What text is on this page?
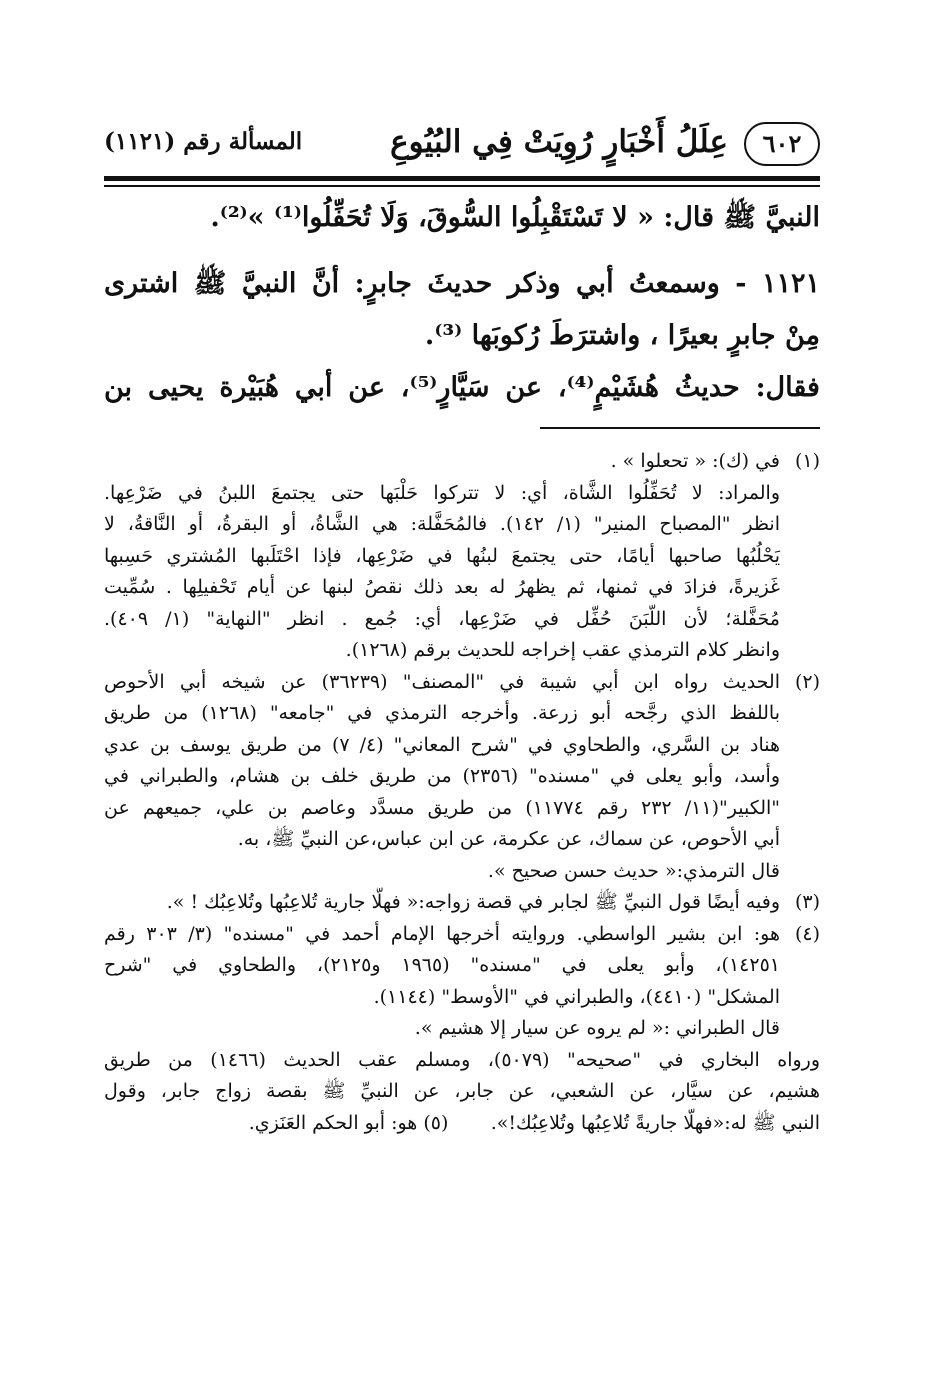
٦٠٢
عِلَلُ أَخْبَارٍ رُوِيَتْ فِي البُيُوعِ
المسألة رقم (١١٢١)
النبيَّ ﷺ قال: « لا تَسْتَقْبِلُوا السُّوقَ، وَلَا تُحَفِّلُوا⁽¹⁾ »⁽²⁾.
١١٢١ - وسمعتُ أبي وذكر حديثَ جابرٍ: أنَّ النبيَّ ﷺ اشترى
مِنْ جابرٍ بعيرًا ، واشترَطَ رُكوبَها ⁽³⁾.
فقال: حديثُ هُشَيْمٍ⁽⁴⁾، عن سَيَّارٍ⁽⁵⁾، عن أبي هُبَيْرة يحيى بن
(١)
في (ك): « تحعلوا » .
والمراد: لا تُحَفِّلُوا الشَّاة، أي: لا تتركوا حَلْبَها حتى يجتمعَ اللبنُ في ضَرْعِها.
انظر "المصباح المنير" (١/ ١٤٢). فالمُحَفَّلة: هي الشَّاةُ، أو البقرةُ، أو النَّاقةُ، لا
يَحْلُبُها صاحبها أيامًا، حتى يجتمعَ لبنُها في ضَرْعِها، فإذا احْتَلَبها المُشتري حَسِبها
غَزيرةً، فزادَ في ثمنها، ثم يظهرُ له بعد ذلك نقصُ لبنها عن أيام تَحْفيلِها . سُمِّيت
مُحَفَّلة؛ لأن اللَّبَنَ حُفِّل في ضَرْعِها، أي: جُمع . انظر "النهاية" (١/ ٤٠٩).
وانظر كلام الترمذي عقب إخراجه للحديث برقم (١٢٦٨).
(٢)
الحديث رواه ابن أبي شيبة في "المصنف" (٣٦٢٣٩) عن شيخه أبي الأحوص
باللفظ الذي رجَّحه أبو زرعة. وأخرجه الترمذي في "جامعه" (١٢٦٨) من طريق
هناد بن السَّري، والطحاوي في "شرح المعاني" (٤/ ٧) من طريق يوسف بن عدي
وأسد، وأبو يعلى في "مسنده" (٢٣٥٦) من طريق خلف بن هشام، والطبراني في
"الكبير"(١١/ ٢٣٢ رقم ١١٧٧٤) من طريق مسدَّد وعاصم بن علي، جميعهم عن
أبي الأحوص، عن سماك، عن عكرمة، عن ابن عباس،عن النبيِّ ﷺ، به.
قال الترمذي:« حديث حسن صحيح ».
(٣)
وفيه أيضًا قول النبيِّ ﷺ لجابر في قصة زواجه:« فهلَّا جارية تُلاعِبُها وتُلاعِبُك ! ».
(٤)
هو: ابن بشير الواسطي. وروايته أخرجها الإمام أحمد في "مسنده" (٣/ ٣٠٣ رقم
١٤٢٥١)، وأبو يعلى في "مسنده" (١٩٦٥ و٢١٢٥)، والطحاوي في "شرح
المشكل" (٤٤١٠)، والطبراني في "الأوسط" (١١٤٤).
قال الطبراني :« لم يروه عن سيار إلا هشيم ».
ورواه البخاري في "صحيحه" (٥٠٧٩)، ومسلم عقب الحديث (١٤٦٦) من طريق
هشيم، عن سيَّار، عن الشعبي، عن جابر، عن النبيِّ ﷺ بقصة زواج جابر، وقول
النبي ﷺ له:«فهلَّا جاريةً تُلاعِبُها وتُلاعِبُك!».       (٥) هو: أبو الحكم العَنَزي.
